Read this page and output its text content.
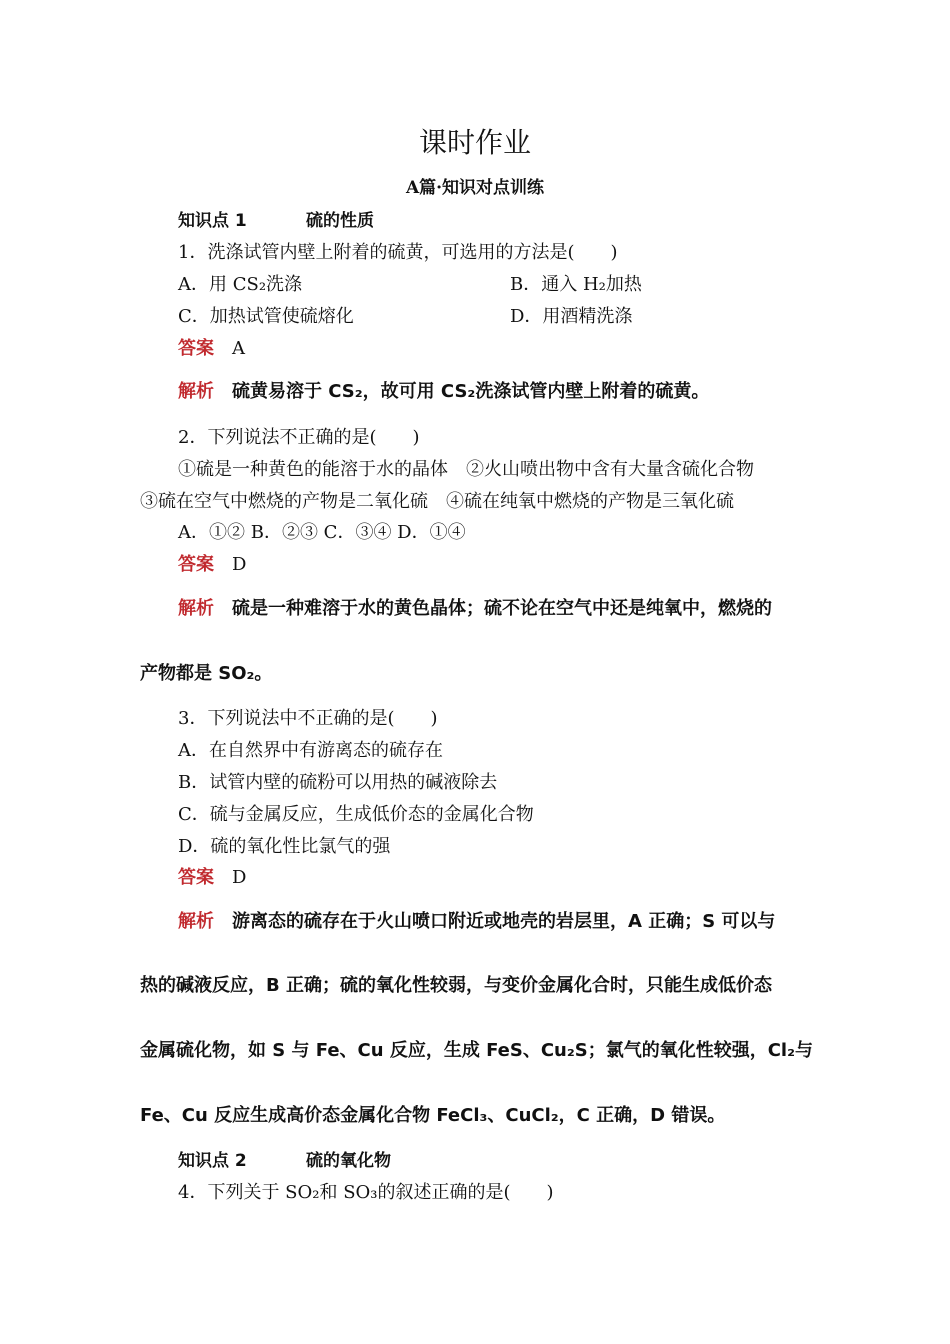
课时作业
A篇·知识对点训练
知识点 1	硫的性质
1．洗涤试管内壁上附着的硫黄，可选用的方法是(　　)
A．用 CS₂洗涤	B．通入 H₂加热
C．加热试管使硫熔化	D．用酒精洗涤
答案 A
解析 硫黄易溶于 CS₂，故可用 CS₂洗涤试管内壁上附着的硫黄。
2．下列说法不正确的是(　　)
①硫是一种黄色的能溶于水的晶体　②火山喷出物中含有大量含硫化合物
③硫在空气中燃烧的产物是二氧化硫　④硫在纯氧中燃烧的产物是三氧化硫
A．①② B．②③ C．③④ D．①④
答案 D
解析 硫是一种难溶于水的黄色晶体；硫不论在空气中还是纯氧中，燃烧的
产物都是 SO₂。
3．下列说法中不正确的是(　　)
A．在自然界中有游离态的硫存在
B．试管内壁的硫粉可以用热的碱液除去
C．硫与金属反应，生成低价态的金属化合物
D．硫的氧化性比氯气的强
答案 D
解析 游离态的硫存在于火山喷口附近或地壳的岩层里，A 正确；S 可以与
热的碱液反应，B 正确；硫的氧化性较弱，与变价金属化合时，只能生成低价态
金属硫化物，如 S 与 Fe、Cu 反应，生成 FeS、Cu₂S；氯气的氧化性较强，Cl₂与
Fe、Cu 反应生成高价态金属化合物 FeCl₃、CuCl₂，C 正确，D 错误。
知识点 2	硫的氧化物
4．下列关于 SO₂和 SO₃的叙述正确的是(　　)
